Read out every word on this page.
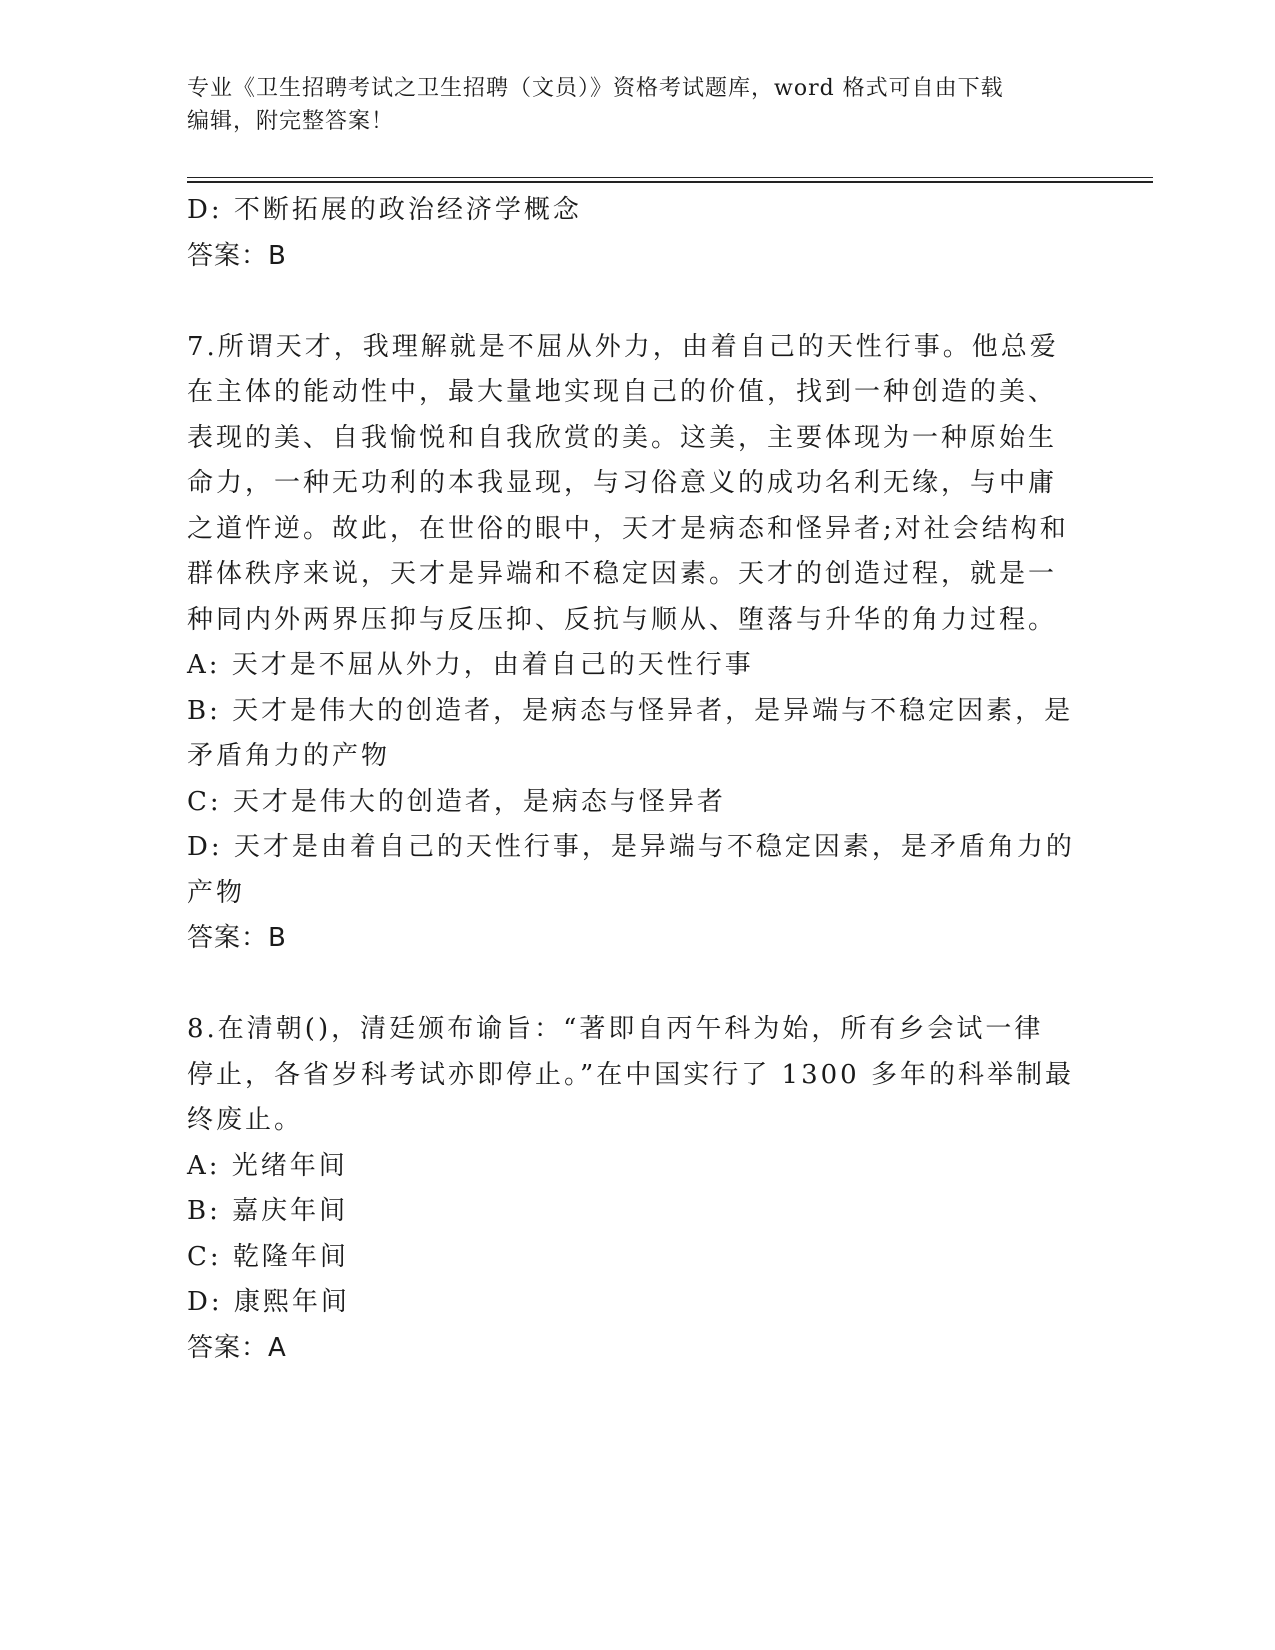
专业《卫生招聘考试之卫生招聘（文员）》资格考试题库，word 格式可自由下载
编辑，附完整答案！

D: 不断拓展的政治经济学概念

答案：B

7.所谓天才，我理解就是不屈从外力，由着自己的天性行事。他总爱

在主体的能动性中，最大量地实现自己的价值，找到一种创造的美、

表现的美、自我愉悦和自我欣赏的美。这美，主要体现为一种原始生

命力，一种无功利的本我显现，与习俗意义的成功名利无缘，与中庸

之道忤逆。故此，在世俗的眼中，天才是病态和怪异者;对社会结构和

群体秩序来说，天才是异端和不稳定因素。天才的创造过程，就是一

种同内外两界压抑与反压抑、反抗与顺从、堕落与升华的角力过程。

A: 天才是不屈从外力，由着自己的天性行事

B: 天才是伟大的创造者，是病态与怪异者，是异端与不稳定因素，是

矛盾角力的产物

C: 天才是伟大的创造者，是病态与怪异者

D: 天才是由着自己的天性行事，是异端与不稳定因素，是矛盾角力的

产物

答案：B

8.在清朝()，清廷颁布谕旨：“著即自丙午科为始，所有乡会试一律

停止，各省岁科考试亦即停止。”在中国实行了 1300 多年的科举制最

终废止。

A: 光绪年间

B: 嘉庆年间

C: 乾隆年间

D: 康熙年间

答案：A
